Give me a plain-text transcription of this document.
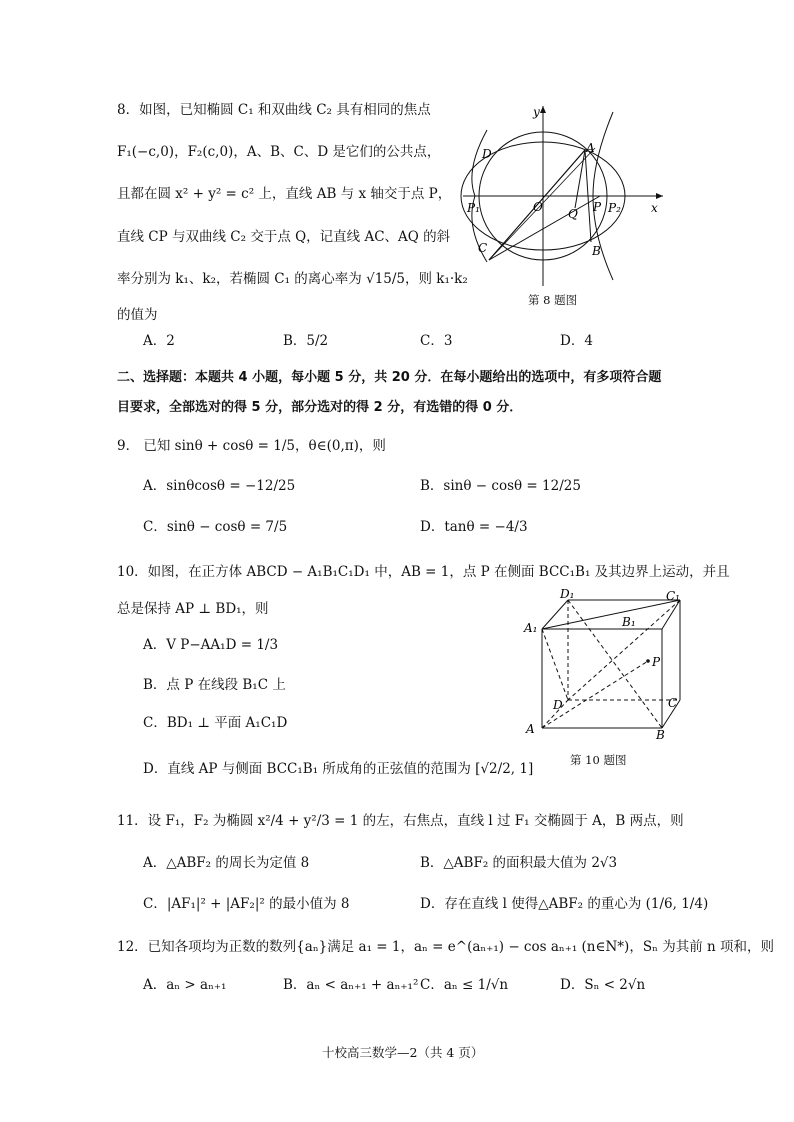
8．如图，已知椭圆 C₁ 和双曲线 C₂ 具有相同的焦点
F₁(−c,0)，F₂(c,0)，A、B、C、D 是它们的公共点，
且都在圆 x² + y² = c² 上，直线 AB 与 x 轴交于点 P，
直线 CP 与双曲线 C₂ 交于点 Q，记直线 AC、AQ 的斜
率分别为 k₁、k₂，若椭圆 C₁ 的离心率为 √15/5，则 k₁·k₂
的值为
A．2	B．5/2	C．3	D．4
y
x
O
A
B
C
D
P₁	P₂
P
Q
第 8 题图
二、选择题：本题共 4 小题，每小题 5 分，共 20 分．在每小题给出的选项中，有多项符合题
目要求，全部选对的得 5 分，部分选对的得 2 分，有选错的得 0 分．
9． 已知 sinθ + cosθ = 1/5，θ∈(0,π)，则
A．sinθcosθ = −12/25	B．sinθ − cosθ = 12/25
C．sinθ − cosθ = 7/5	D．tanθ = −4/3
10．如图，在正方体 ABCD − A₁B₁C₁D₁ 中，AB = 1，点 P 在侧面 BCC₁B₁ 及其边界上运动，并且
总是保持 AP ⊥ BD₁，则
A．V P−AA₁D = 1/3
B．点 P 在线段 B₁C 上
C．BD₁ ⊥ 平面 A₁C₁D
D．直线 AP 与侧面 BCC₁B₁ 所成角的正弦值的范围为 [√2/2, 1]
D₁	C₁
A₁	B₁
P
D	C
A	B
第 10 题图
11．设 F₁，F₂ 为椭圆 x²/4 + y²/3 = 1 的左，右焦点，直线 l 过 F₁ 交椭圆于 A，B 两点，则
A．△ABF₂ 的周长为定值 8	B．△ABF₂ 的面积最大值为 2√3
C．|AF₁|² + |AF₂|² 的最小值为 8	D．存在直线 l 使得△ABF₂ 的重心为 (1/6, 1/4)
12．已知各项均为正数的数列{aₙ}满足 a₁ = 1，aₙ = e^(aₙ₊₁) − cos aₙ₊₁ (n∈N*)，Sₙ 为其前 n 项和，则
A．aₙ > aₙ₊₁	B．aₙ < aₙ₊₁ + aₙ₊₁² C．aₙ ≤ 1/√n	D．Sₙ < 2√n
十校高三数学—2（共 4 页）
